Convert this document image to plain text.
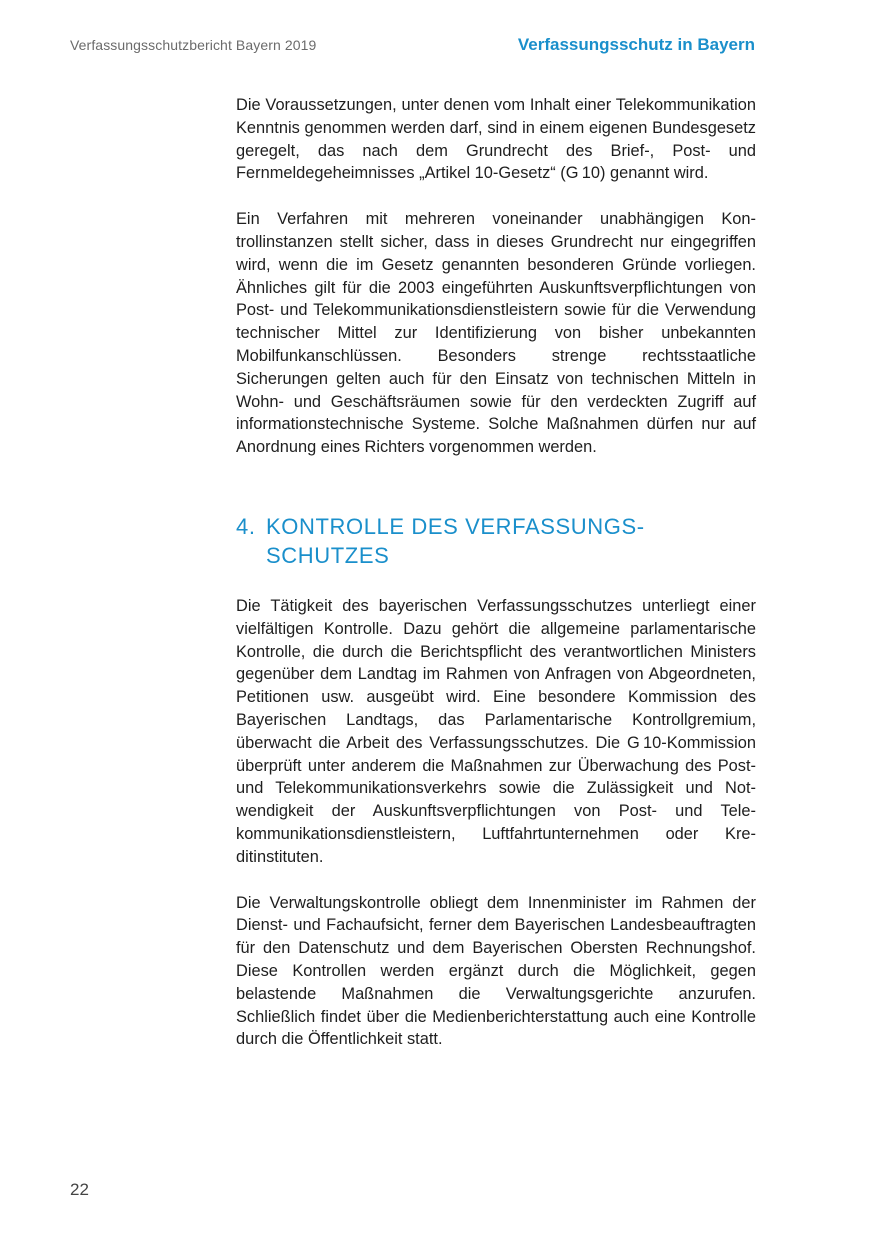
Verfassungsschutzbericht Bayern 2019	Verfassungsschutz in Bayern

Die Voraussetzungen, unter denen vom Inhalt einer Telekommunikation Kenntnis genommen werden darf, sind in einem eigenen Bundesgesetz geregelt, das nach dem Grundrecht des Brief-, Post- und Fernmeldegeheimnisses „Artikel 10-Gesetz“ (G 10) genannt wird.

Ein Verfahren mit mehreren voneinander unabhängigen Kontrollinstanzen stellt sicher, dass in dieses Grundrecht nur eingegriffen wird, wenn die im Gesetz genannten besonderen Gründe vorliegen. Ähnliches gilt für die 2003 eingeführten Auskunftsverpflichtungen von Post- und Telekommunikationsdienstleistern sowie für die Verwendung technischer Mittel zur Identifizierung von bisher unbekannten Mobilfunkanschlüssen. Besonders strenge rechtsstaatliche Sicherungen gelten auch für den Einsatz von technischen Mitteln in Wohn- und Geschäftsräumen sowie für den verdeckten Zugriff auf informationstechnische Systeme. Solche Maßnahmen dürfen nur auf Anordnung eines Richters vorgenommen werden.

4. KONTROLLE DES VERFASSUNGS- SCHUTZES

Die Tätigkeit des bayerischen Verfassungsschutzes unterliegt einer vielfältigen Kontrolle. Dazu gehört die allgemeine parlamentarische Kontrolle, die durch die Berichtspflicht des verantwortlichen Ministers gegenüber dem Landtag im Rahmen von Anfragen von Abgeordneten, Petitionen usw. ausgeübt wird. Eine besondere Kommission des Bayerischen Landtags, das Parlamentarische Kontrollgremium, überwacht die Arbeit des Verfassungsschutzes. Die G 10-Kommission überprüft unter anderem die Maßnahmen zur Überwachung des Post- und Telekommunikationsverkehrs sowie die Zulässigkeit und Notwendigkeit der Auskunftsverpflichtungen von Post- und Telekommunikationsdienstleistern, Luftfahrtunternehmen oder Kreditinstituten.

Die Verwaltungskontrolle obliegt dem Innenminister im Rahmen der Dienst- und Fachaufsicht, ferner dem Bayerischen Landesbeauftragten für den Datenschutz und dem Bayerischen Obersten Rechnungshof. Diese Kontrollen werden ergänzt durch die Möglichkeit, gegen belastende Maßnahmen die Verwaltungsgerichte anzurufen. Schließlich findet über die Medienberichterstattung auch eine Kontrolle durch die Öffentlichkeit statt.

22
